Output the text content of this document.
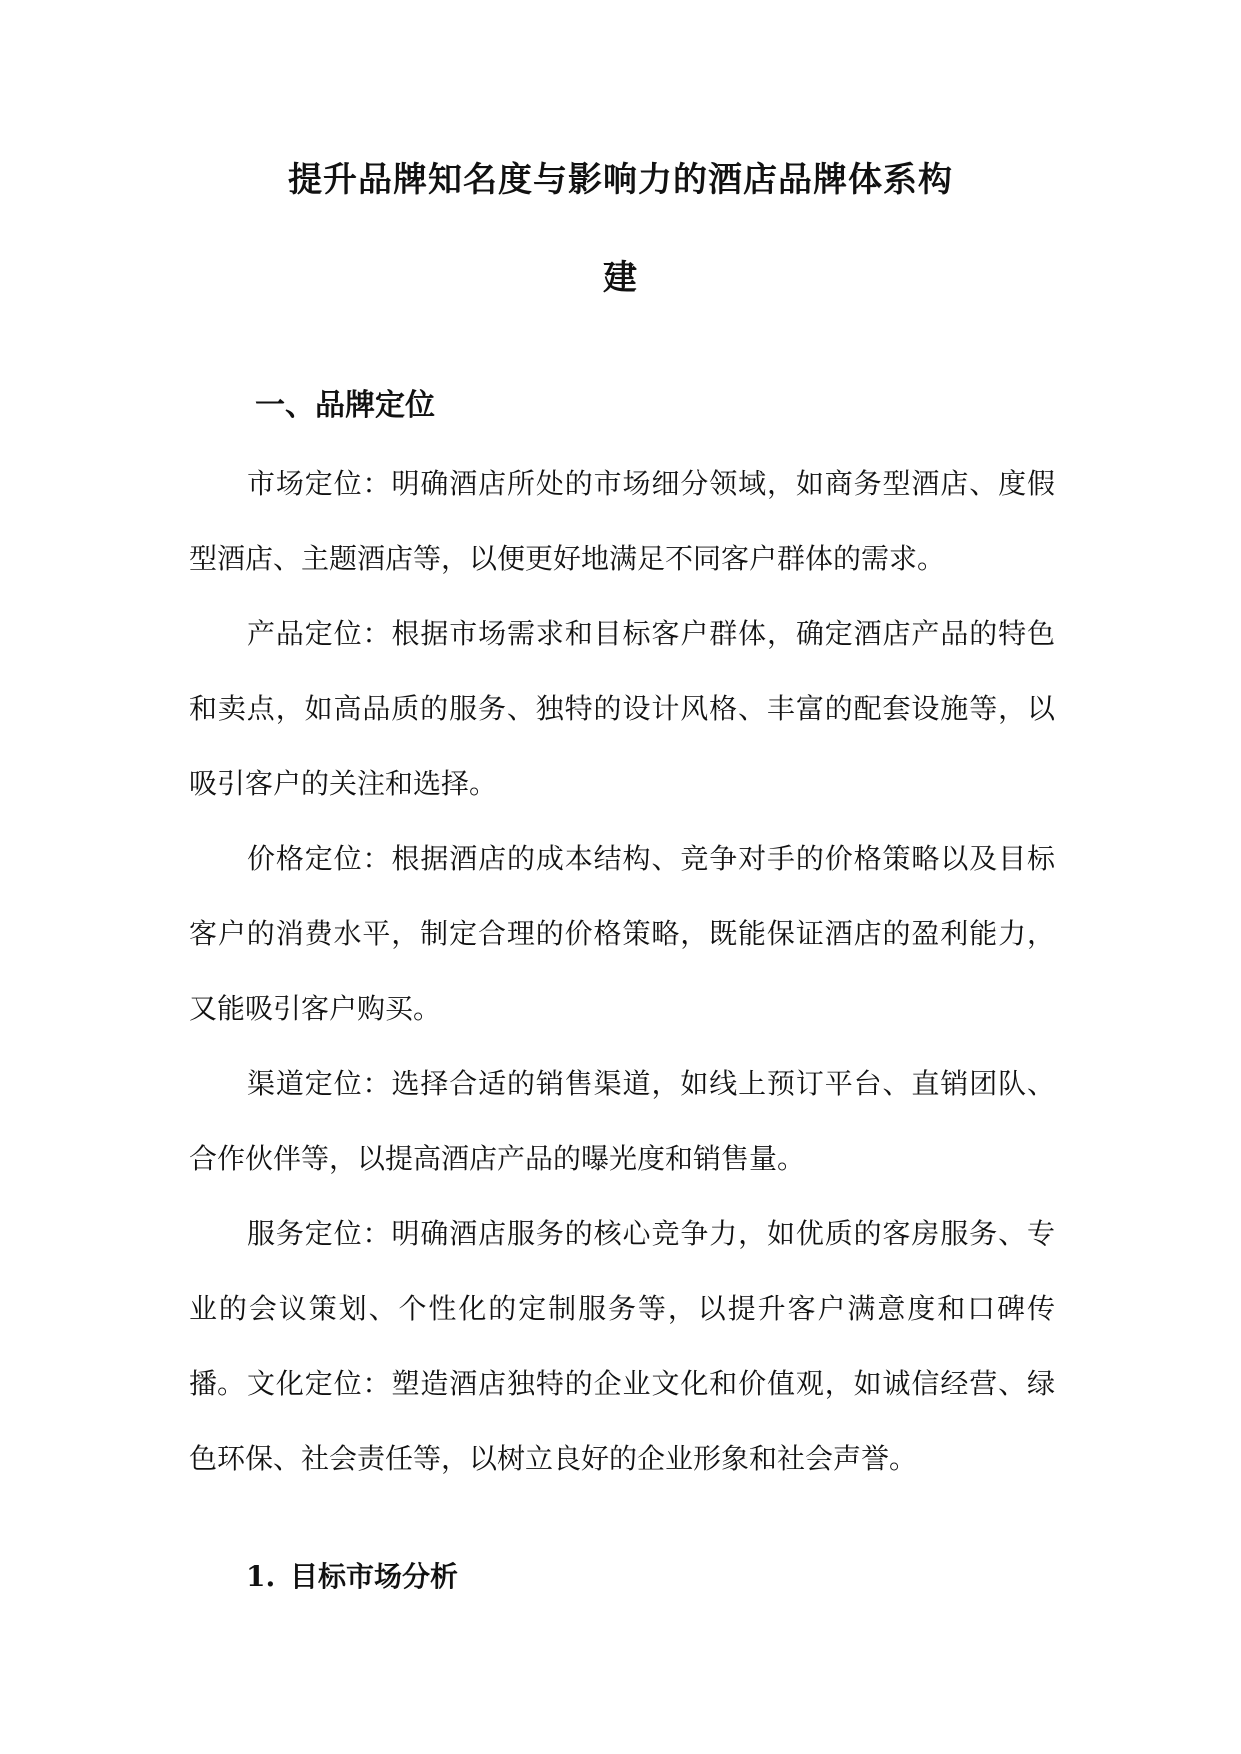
提升品牌知名度与影响力的酒店品牌体系构
建
一、品牌定位

市场定位：明确酒店所处的市场细分领域，如商务型酒店、度假型酒店、主题酒店等，以便更好地满足不同客户群体的需求。

产品定位：根据市场需求和目标客户群体，确定酒店产品的特色和卖点，如高品质的服务、独特的设计风格、丰富的配套设施等，以吸引客户的关注和选择。

价格定位：根据酒店的成本结构、竞争对手的价格策略以及目标客户的消费水平，制定合理的价格策略，既能保证酒店的盈利能力，又能吸引客户购买。

渠道定位：选择合适的销售渠道，如线上预订平台、直销团队、合作伙伴等，以提高酒店产品的曝光度和销售量。

服务定位：明确酒店服务的核心竞争力，如优质的客房服务、专业的会议策划、个性化的定制服务等，以提升客户满意度和口碑传播。 文化定位：塑造酒店独特的企业文化和价值观，如诚信经营、绿色环保、社会责任等，以树立良好的企业形象和社会声誉。

1. 目标市场分析
